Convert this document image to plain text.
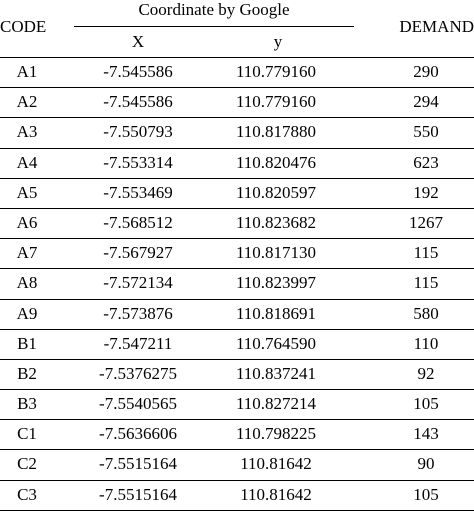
CODE
Coordinate by Google
X	y
DEMAND
A1	-7.545586	110.779160	290
A2	-7.545586	110.779160	294
A3	-7.550793	110.817880	550
A4	-7.553314	110.820476	623
A5	-7.553469	110.820597	192
A6	-7.568512	110.823682	1267
A7	-7.567927	110.817130	115
A8	-7.572134	110.823997	115
A9	-7.573876	110.818691	580
B1	-7.547211	110.764590	110
B2	-7.5376275	110.837241	92
B3	-7.5540565	110.827214	105
C1	-7.5636606	110.798225	143
C2	-7.5515164	110.81642	90
C3	-7.5515164	110.81642	105
